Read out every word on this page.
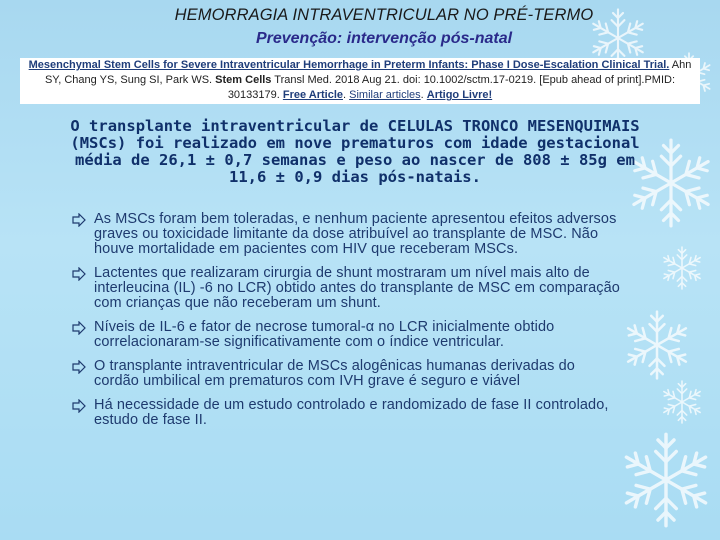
HEMORRAGIA INTRAVENTRICULAR NO PRÉ-TERMO
Prevenção: intervenção pós-natal
Mesenchymal Stem Cells for Severe Intraventricular Hemorrhage in Preterm Infants: Phase I Dose-Escalation Clinical Trial. Ahn SY, Chang YS, Sung SI, Park WS. Stem Cells Transl Med. 2018 Aug 21. doi: 10.1002/sctm.17-0219. [Epub ahead of print].PMID: 30133179. Free Article. Similar articles. Artigo Livre!
O transplante intraventricular de CELULAS TRONCO MESENQUIMAIS (MSCs) foi realizado em nove prematuros com idade gestacional média de 26,1 ± 0,7 semanas e peso ao nascer de 808 ± 85g em 11,6 ± 0,9 dias pós-natais.
As MSCs foram bem toleradas, e nenhum paciente apresentou efeitos adversos graves ou toxicidade limitante da dose atribuível ao transplante de MSC. Não houve mortalidade em pacientes com HIV que receberam MSCs.
Lactentes que realizaram cirurgia de shunt mostraram um nível mais alto de interleucina (IL) -6 no LCR) obtido antes do transplante de MSC em comparação com crianças que não receberam um shunt.
Níveis de IL-6 e fator de necrose tumoral-α no LCR inicialmente obtido correlacionaram-se significativamente com o índice ventricular.
O transplante intraventricular de MSCs alogênicas humanas derivadas do cordão umbilical em prematuros com IVH grave é seguro e viável
Há necessidade de um estudo controlado e randomizado de fase II controlado, estudo de fase II.
